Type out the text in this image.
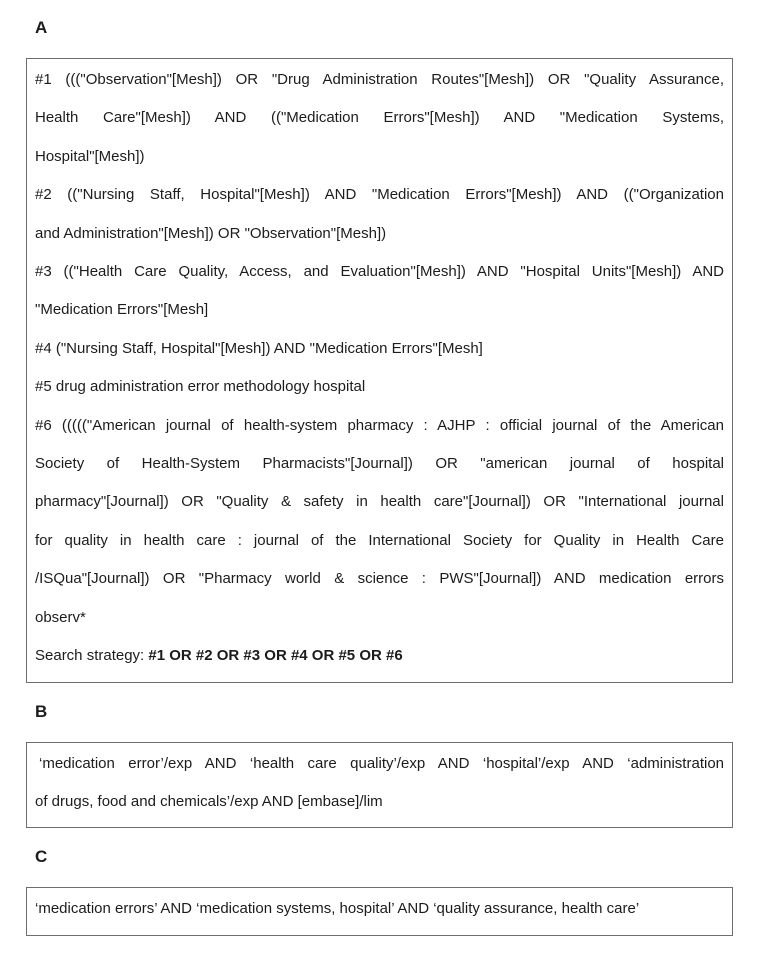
A
#1 ((("Observation"[Mesh]) OR "Drug Administration Routes"[Mesh]) OR "Quality Assurance,
Health Care"[Mesh]) AND (("Medication Errors"[Mesh]) AND "Medication Systems,
Hospital"[Mesh])
#2 (("Nursing Staff, Hospital"[Mesh]) AND "Medication Errors"[Mesh]) AND (("Organization
and Administration"[Mesh]) OR "Observation"[Mesh])
#3 (("Health Care Quality, Access, and Evaluation"[Mesh]) AND "Hospital Units"[Mesh]) AND
"Medication Errors"[Mesh]
#4 ("Nursing Staff, Hospital"[Mesh]) AND "Medication Errors"[Mesh]
#5 drug administration error methodology hospital
#6 ((((("American journal of health-system pharmacy : AJHP : official journal of the American
Society of Health-System Pharmacists"[Journal]) OR "american journal of hospital
pharmacy"[Journal]) OR "Quality & safety in health care"[Journal]) OR "International journal
for quality in health care : journal of the International Society for Quality in Health Care
/ISQua"[Journal]) OR "Pharmacy world & science : PWS"[Journal]) AND medication errors
observ*
Search strategy: #1 OR #2 OR #3 OR #4 OR #5 OR #6
B
‘medication error’/exp AND ‘health care quality’/exp AND ‘hospital’/exp AND ‘administration
of drugs, food and chemicals’/exp AND [embase]/lim
C
‘medication errors’ AND ‘medication systems, hospital’ AND ‘quality assurance, health care’
